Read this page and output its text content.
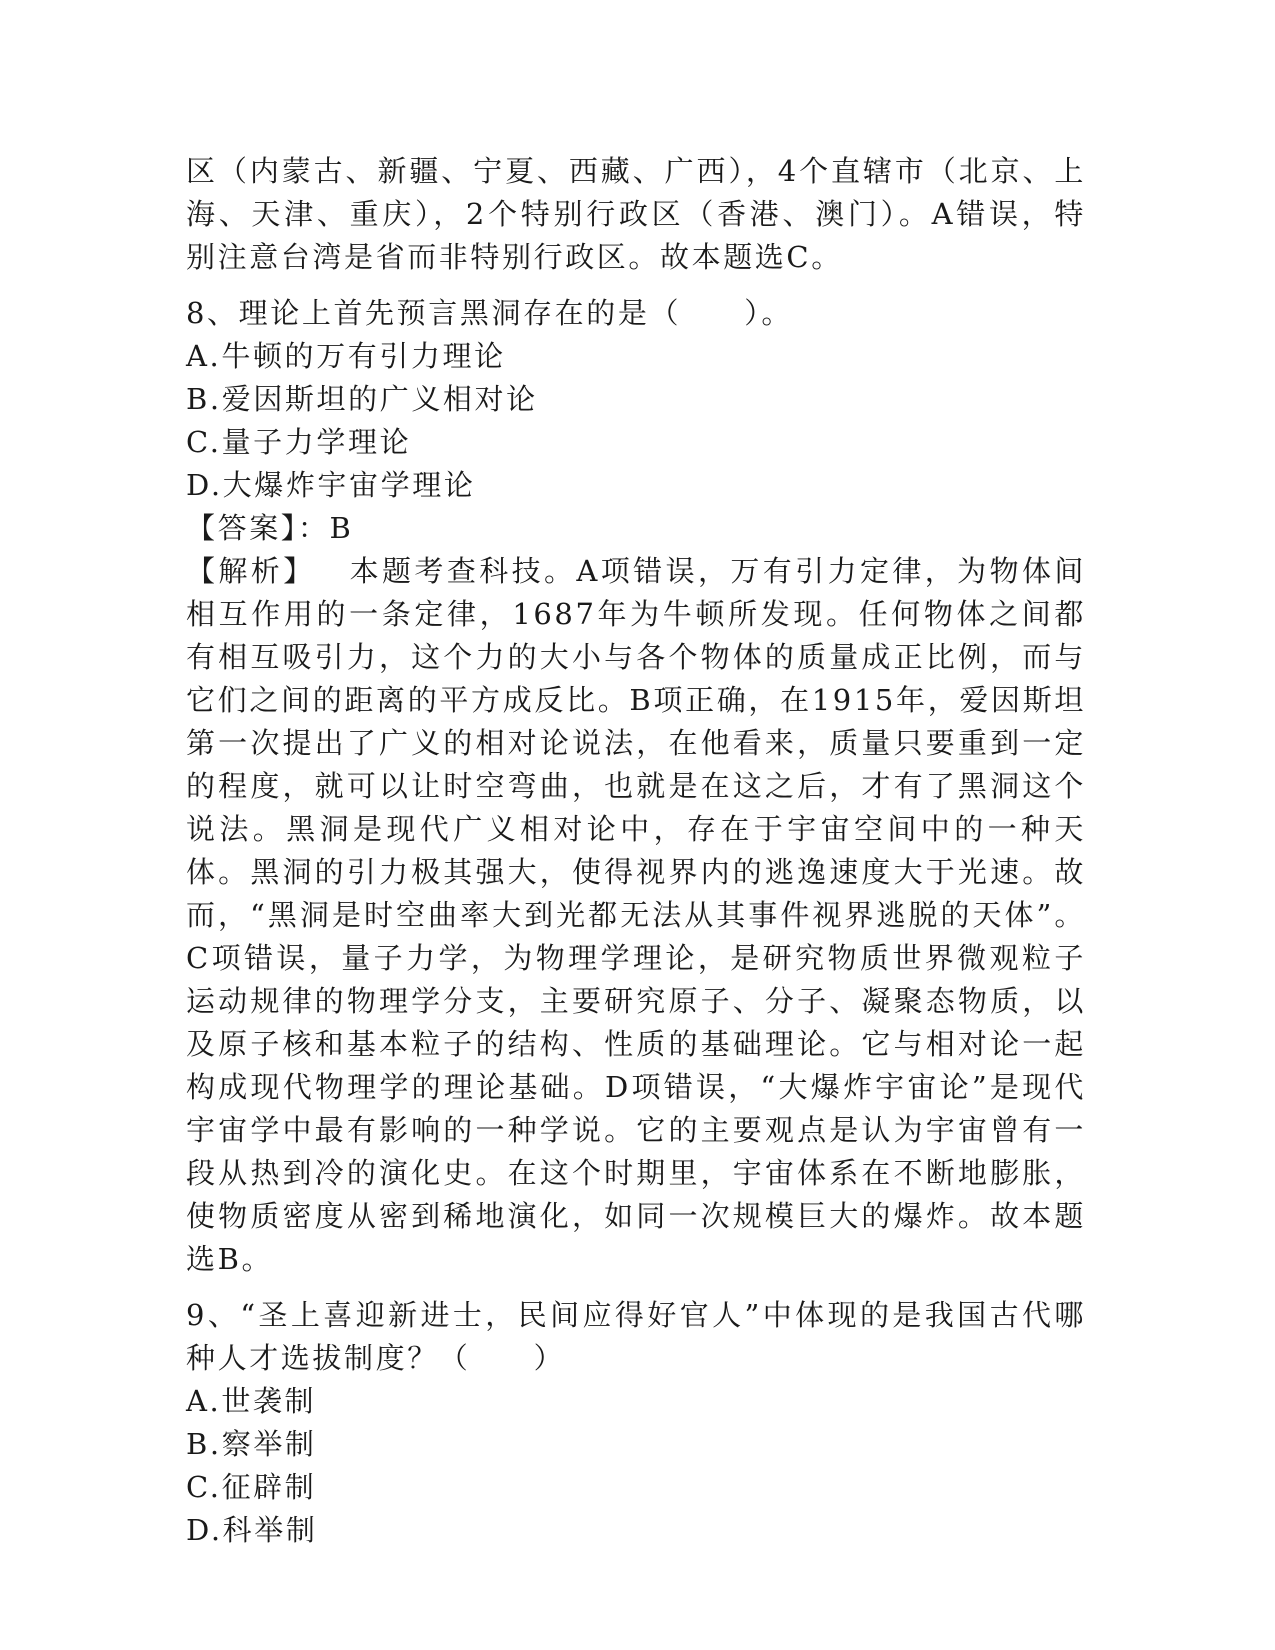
区（内蒙古、新疆、宁夏、西藏、广西），4个直辖市（北京、上海、天津、重庆），2个特别行政区（香港、澳门）。A错误，特别注意台湾是省而非特别行政区。故本题选C。

8、理论上首先预言黑洞存在的是（　　）。

A.牛顿的万有引力理论

B.爱因斯坦的广义相对论

C.量子力学理论

D.大爆炸宇宙学理论

【答案】：B

【解析】 本题考查科技。A项错误，万有引力定律，为物体间相互作用的一条定律，1687年为牛顿所发现。任何物体之间都有相互吸引力，这个力的大小与各个物体的质量成正比例，而与它们之间的距离的平方成反比。B项正确，在1915年，爱因斯坦第一次提出了广义的相对论说法，在他看来，质量只要重到一定的程度，就可以让时空弯曲，也就是在这之后，才有了黑洞这个说法。黑洞是现代广义相对论中，存在于宇宙空间中的一种天体。黑洞的引力极其强大，使得视界内的逃逸速度大于光速。故而，“黑洞是时空曲率大到光都无法从其事件视界逃脱的天体”。C项错误，量子力学，为物理学理论，是研究物质世界微观粒子运动规律的物理学分支，主要研究原子、分子、凝聚态物质，以及原子核和基本粒子的结构、性质的基础理论。它与相对论一起构成现代物理学的理论基础。D项错误，“大爆炸宇宙论”是现代宇宙学中最有影响的一种学说。它的主要观点是认为宇宙曾有一段从热到冷的演化史。在这个时期里，宇宙体系在不断地膨胀，使物质密度从密到稀地演化，如同一次规模巨大的爆炸。故本题选B。

9、“圣上喜迎新进士，民间应得好官人”中体现的是我国古代哪种人才选拔制度？（　　）

A.世袭制

B.察举制

C.征辟制

D.科举制
